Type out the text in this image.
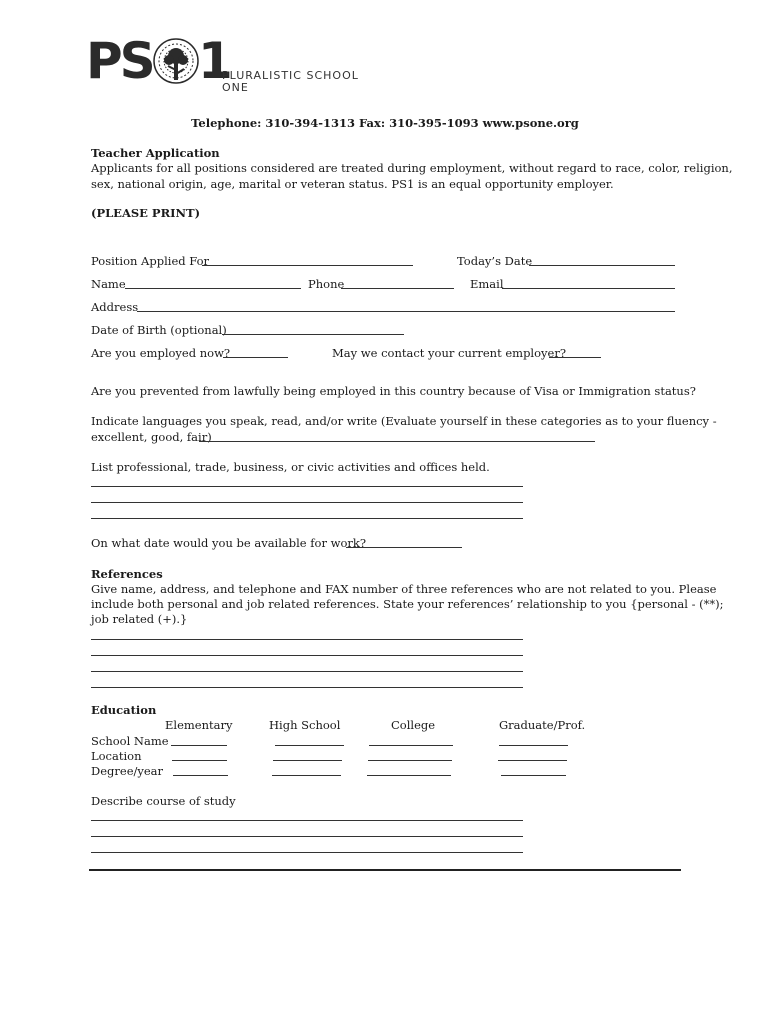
PS 1
PLURALISTIC SCHOOL ONE
Telephone: 310-394-1313 Fax: 310-395-1093 www.psone.org
Teacher Application
Applicants for all positions considered are treated during employment, without regard to race, color, religion,
sex, national origin, age, marital or veteran status. PS1 is an equal opportunity employer.
(PLEASE PRINT)
Position Applied For	Today’s Date
Name	Phone	Email
Address
Date of Birth (optional)
Are you employed now?	May we contact your current employer?
Are you prevented from lawfully being employed in this country because of Visa or Immigration status?
Indicate languages you speak, read, and/or write (Evaluate yourself in these categories as to your fluency -
excellent, good, fair)
List professional, trade, business, or civic activities and offices held.
On what date would you be available for work?
References
Give name, address, and telephone and FAX number of three references who are not related to you. Please
include both personal and job related references. State your references’ relationship to you {personal - (**);
job related (+).}
Education
Elementary	High School	College	Graduate/Prof.
School Name
Location
Degree/year
Describe course of study
